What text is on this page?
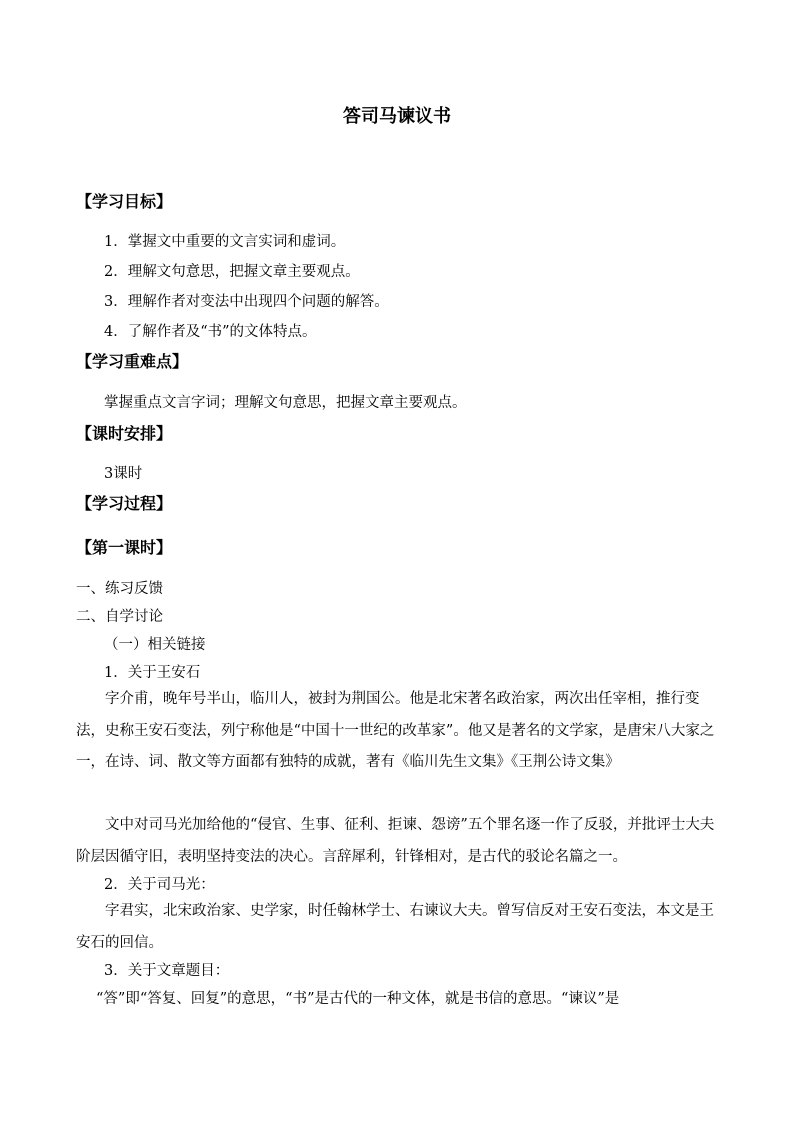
答司马谏议书
【学习目标】
1．掌握文中重要的文言实词和虚词。
2．理解文句意思，把握文章主要观点。
3．理解作者对变法中出现四个问题的解答。
4．了解作者及“书”的文体特点。
【学习重难点】
掌握重点文言字词；理解文句意思，把握文章主要观点。
【课时安排】
3课时
【学习过程】
【第一课时】
一、练习反馈
二、自学讨论
（一）相关链接
1．关于王安石
字介甫，晚年号半山，临川人，被封为荆国公。他是北宋著名政治家，两次出任宰相，推行变法，史称王安石变法，列宁称他是“中国十一世纪的改革家”。他又是著名的文学家，是唐宋八大家之一，在诗、词、散文等方面都有独特的成就，著有《临川先生文集》《王荆公诗文集》
文中对司马光加给他的“侵官、生事、征利、拒谏、怨谤”五个罪名逐一作了反驳，并批评士大夫阶层因循守旧，表明坚持变法的决心。言辞犀利，针锋相对，是古代的驳论名篇之一。
2．关于司马光：
字君实，北宋政治家、史学家，时任翰林学士、右谏议大夫。曾写信反对王安石变法，本文是王安石的回信。
3．关于文章题目：
“答”即“答复、回复”的意思，“书”是古代的一种文体，就是书信的意思。“谏议”是
